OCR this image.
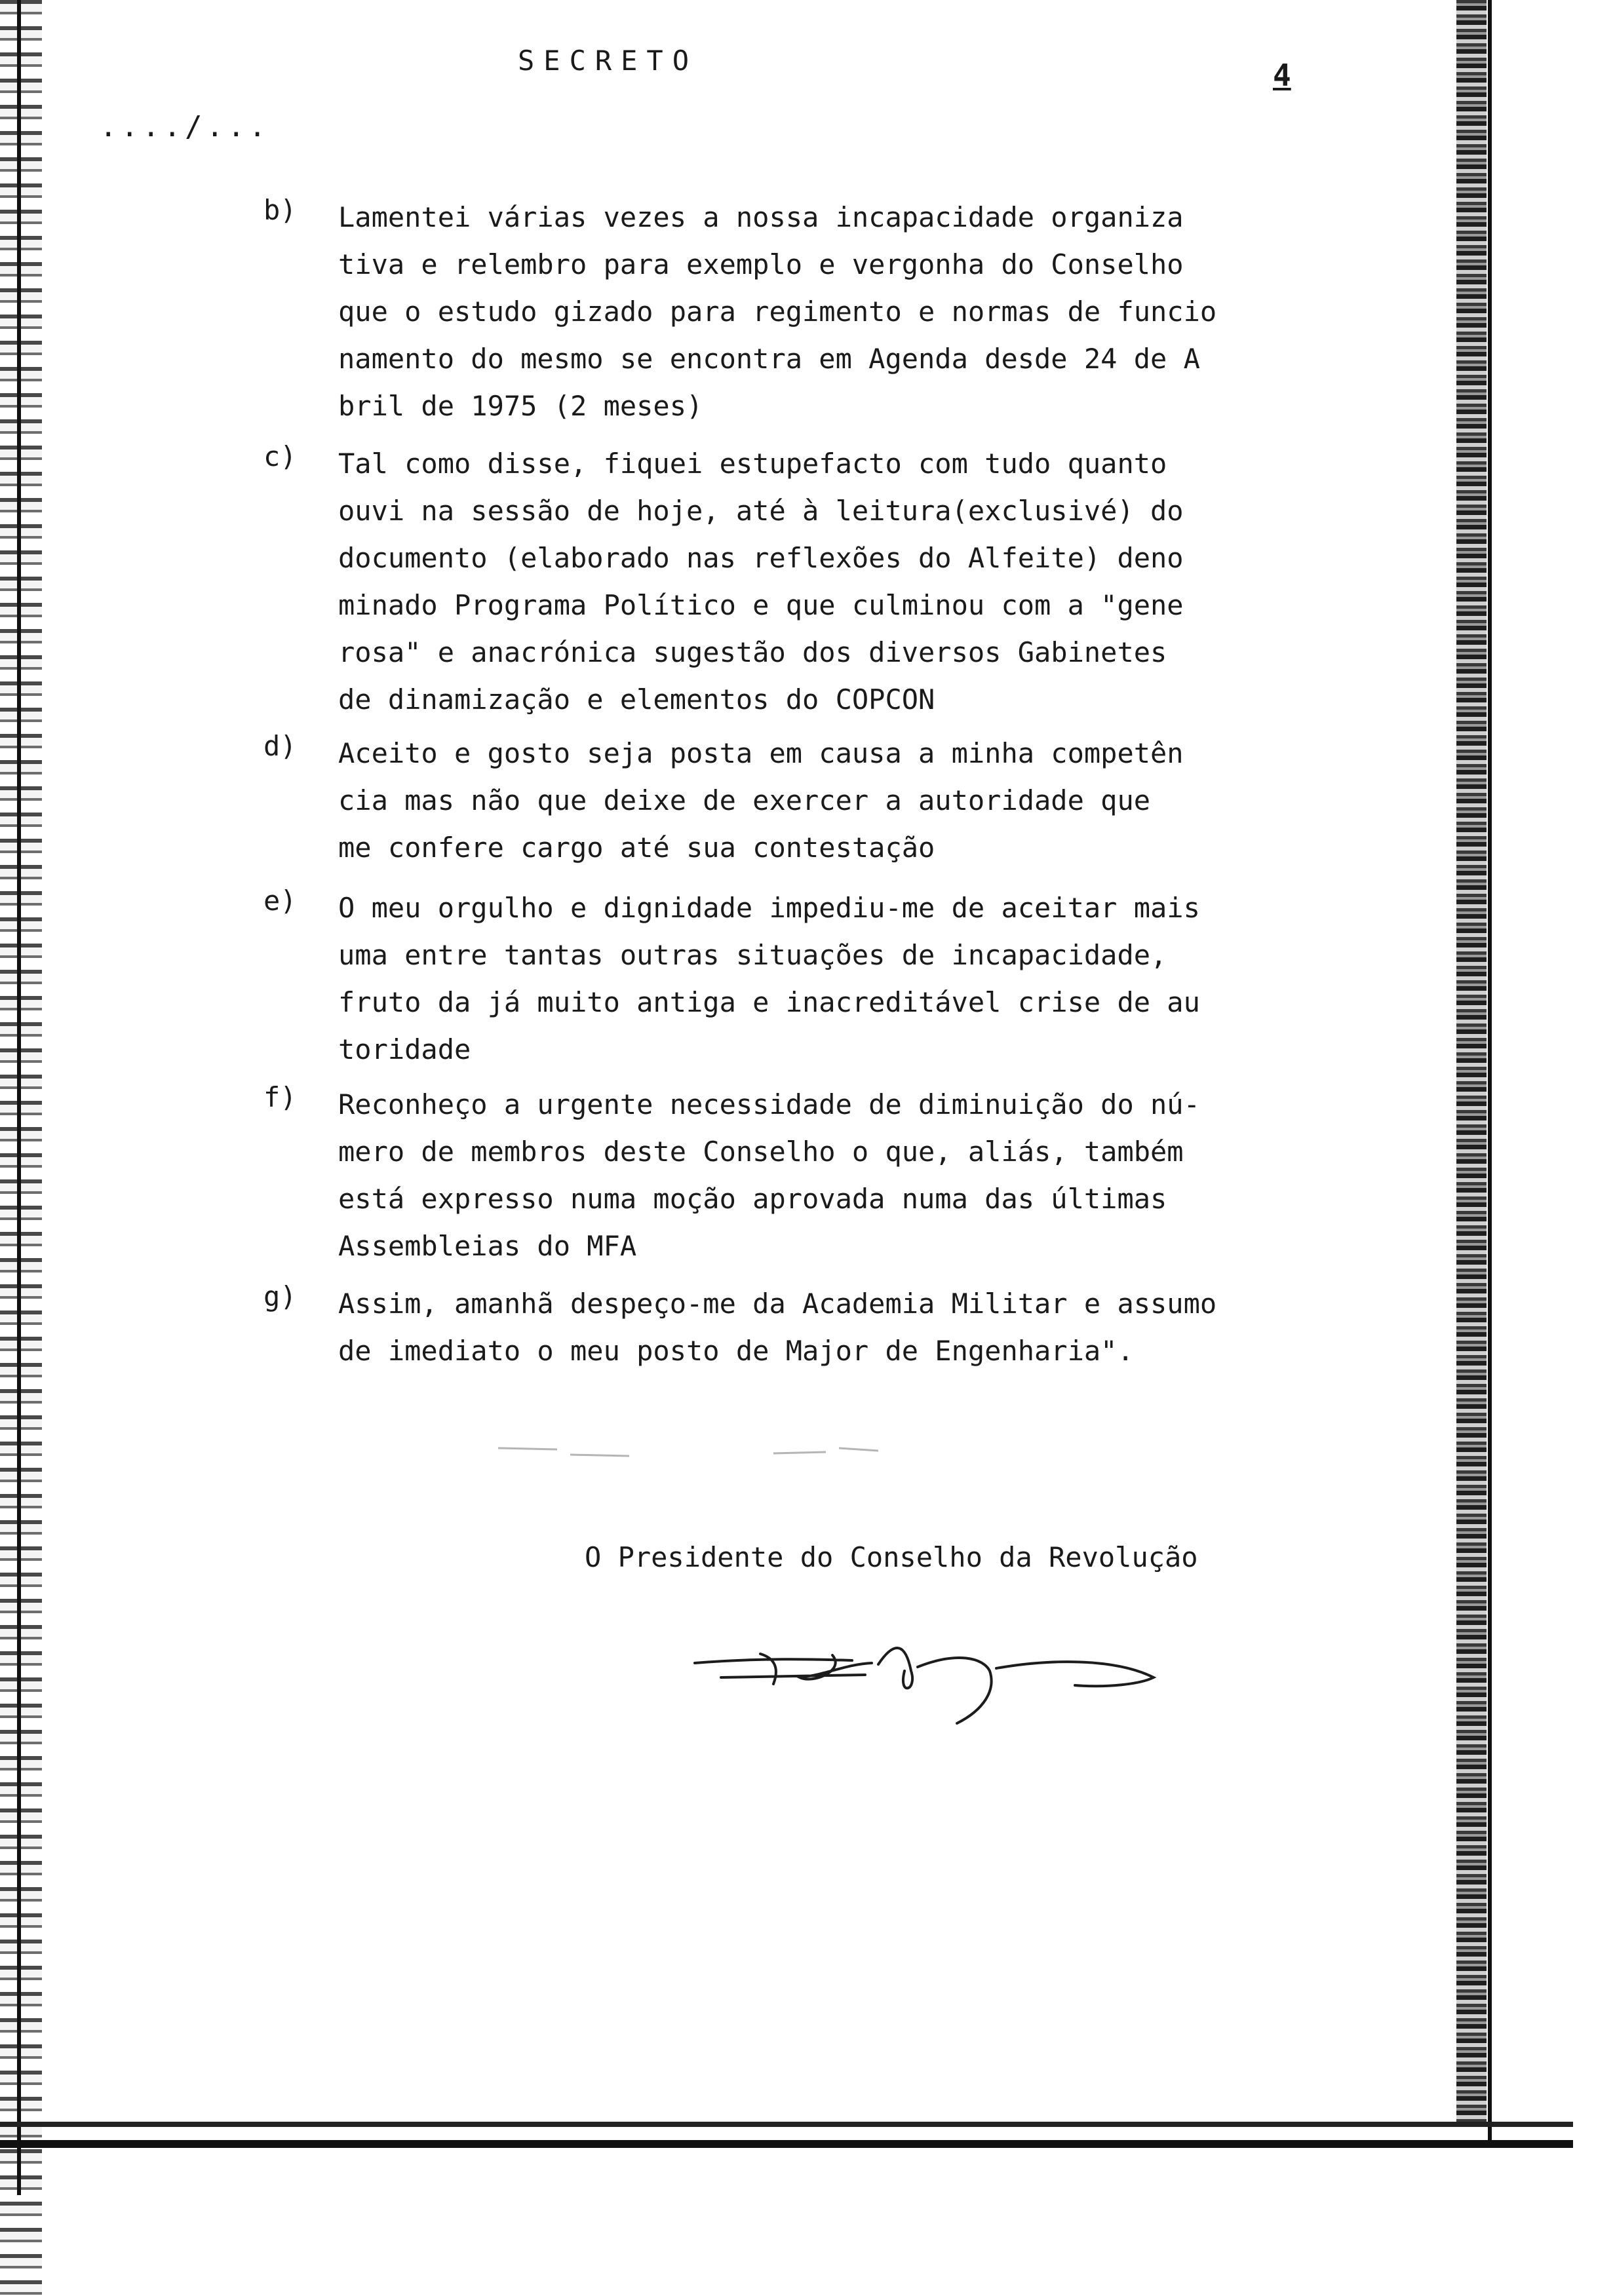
SECRETO	4
..../...
b) Lamentei várias vezes a nossa incapacidade organiza
tiva e relembro para exemplo e vergonha do Conselho
que o estudo gizado para regimento e normas de funcio
namento do mesmo se encontra em Agenda desde 24 de A
bril de 1975 (2 meses)
c) Tal como disse, fiquei estupefacto com tudo quanto
ouvi na sessão de hoje, até à leitura(exclusivé) do
documento (elaborado nas reflexões do Alfeite) deno
minado Programa Político e que culminou com a "gene
rosa" e anacrónica sugestão dos diversos Gabinetes
de dinamização e elementos do COPCON
d) Aceito e gosto seja posta em causa a minha competên
cia mas não que deixe de exercer a autoridade que
me confere cargo até sua contestação
e) O meu orgulho e dignidade impediu-me de aceitar mais
uma entre tantas outras situações de incapacidade,
fruto da já muito antiga e inacreditável crise de au
toridade
f) Reconheço a urgente necessidade de diminuição do nú-
mero de membros deste Conselho o que, aliás, também
está expresso numa moção aprovada numa das últimas
Assembleias do MFA
g) Assim, amanhã despeço-me da Academia Militar e assumo
de imediato o meu posto de Major de Engenharia".
O Presidente do Conselho da Revolução
